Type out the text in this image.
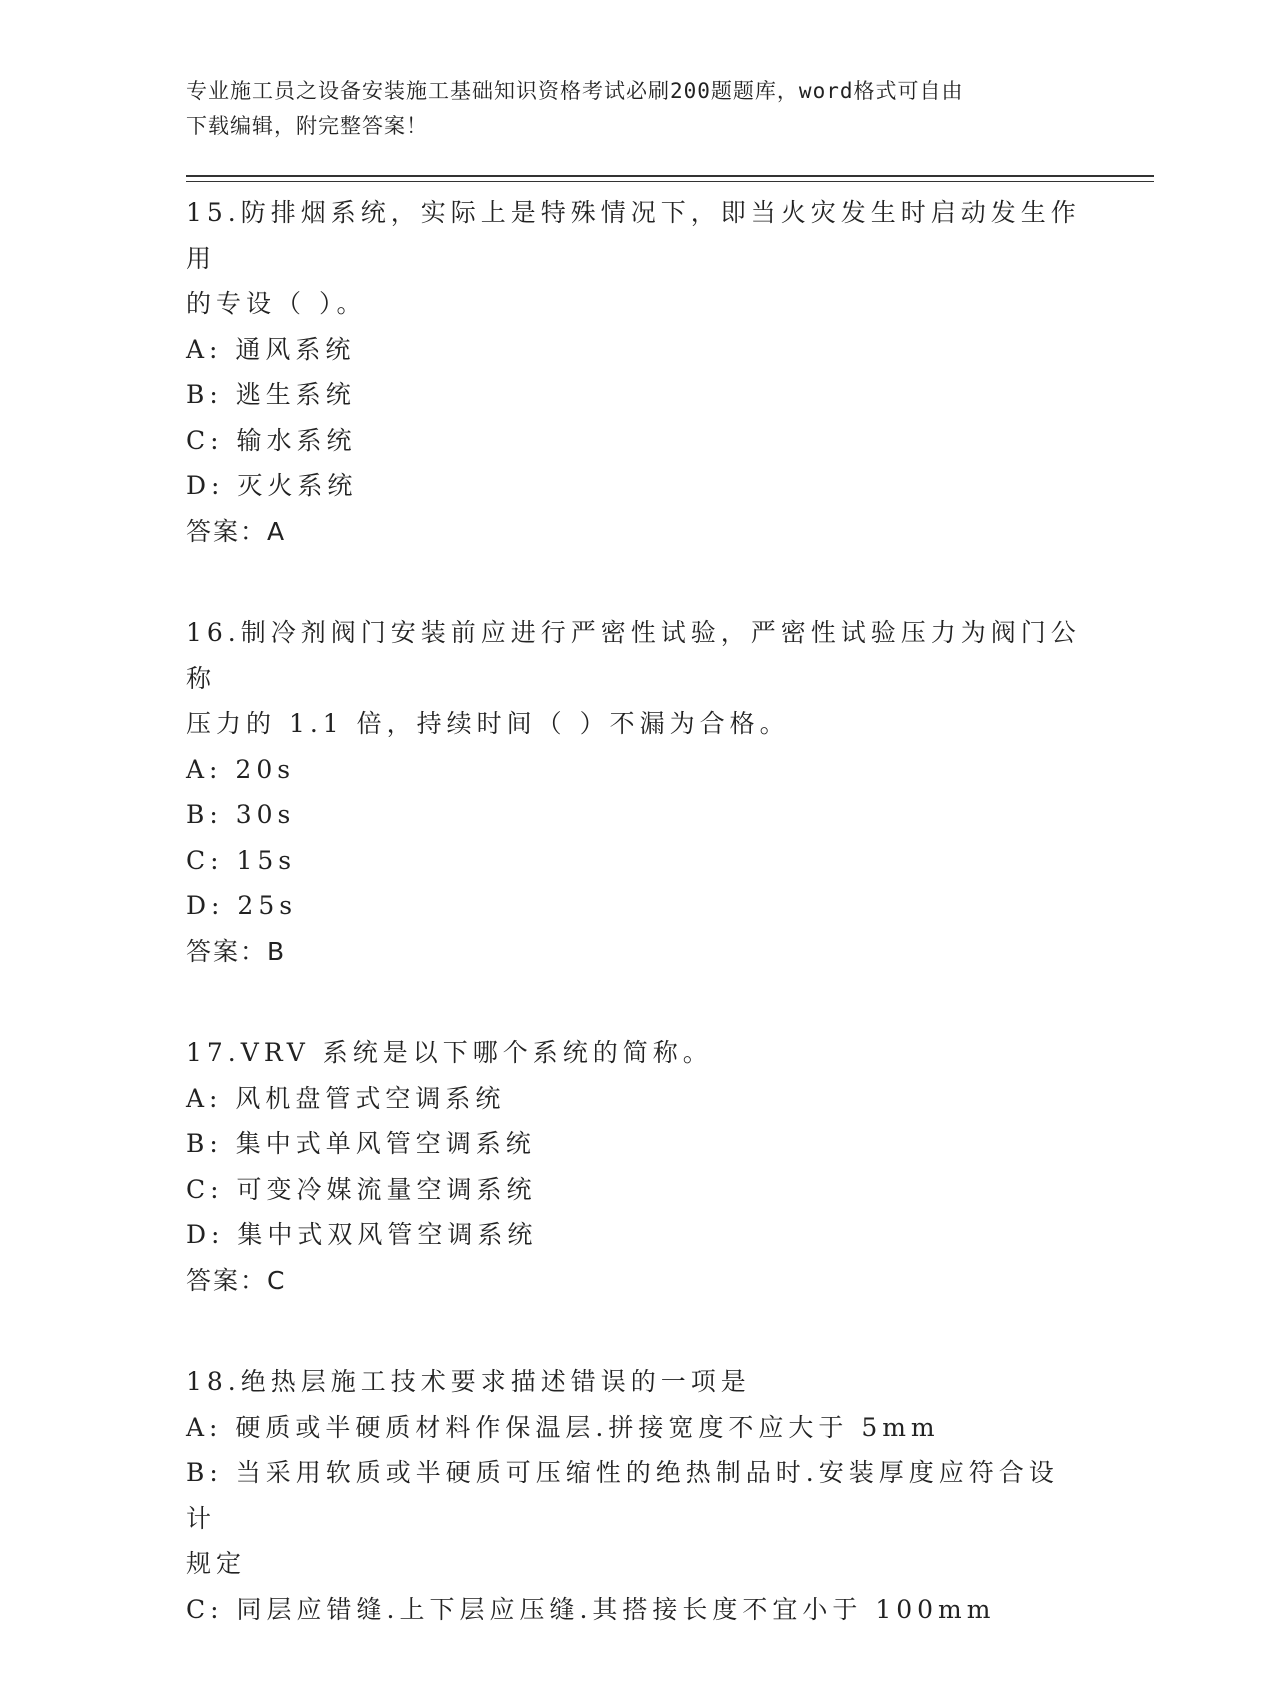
专业施工员之设备安装施工基础知识资格考试必刷200题题库，word格式可自由
下载编辑，附完整答案！
15.防排烟系统，实际上是特殊情况下，即当火灾发生时启动发生作用
的专设（ ）。
A: 通风系统
B: 逃生系统
C: 输水系统
D: 灭火系统
答案：A
16.制冷剂阀门安装前应进行严密性试验，严密性试验压力为阀门公称
压力的 1.1 倍，持续时间（ ）不漏为合格。
A: 20s
B: 30s
C: 15s
D: 25s
答案：B
17.VRV 系统是以下哪个系统的简称。
A: 风机盘管式空调系统
B: 集中式单风管空调系统
C: 可变冷媒流量空调系统
D: 集中式双风管空调系统
答案：C
18.绝热层施工技术要求描述错误的一项是
A: 硬质或半硬质材料作保温层.拼接宽度不应大于 5mm
B: 当采用软质或半硬质可压缩性的绝热制品时.安装厚度应符合设计
规定
C: 同层应错缝.上下层应压缝.其搭接长度不宜小于 100mm
